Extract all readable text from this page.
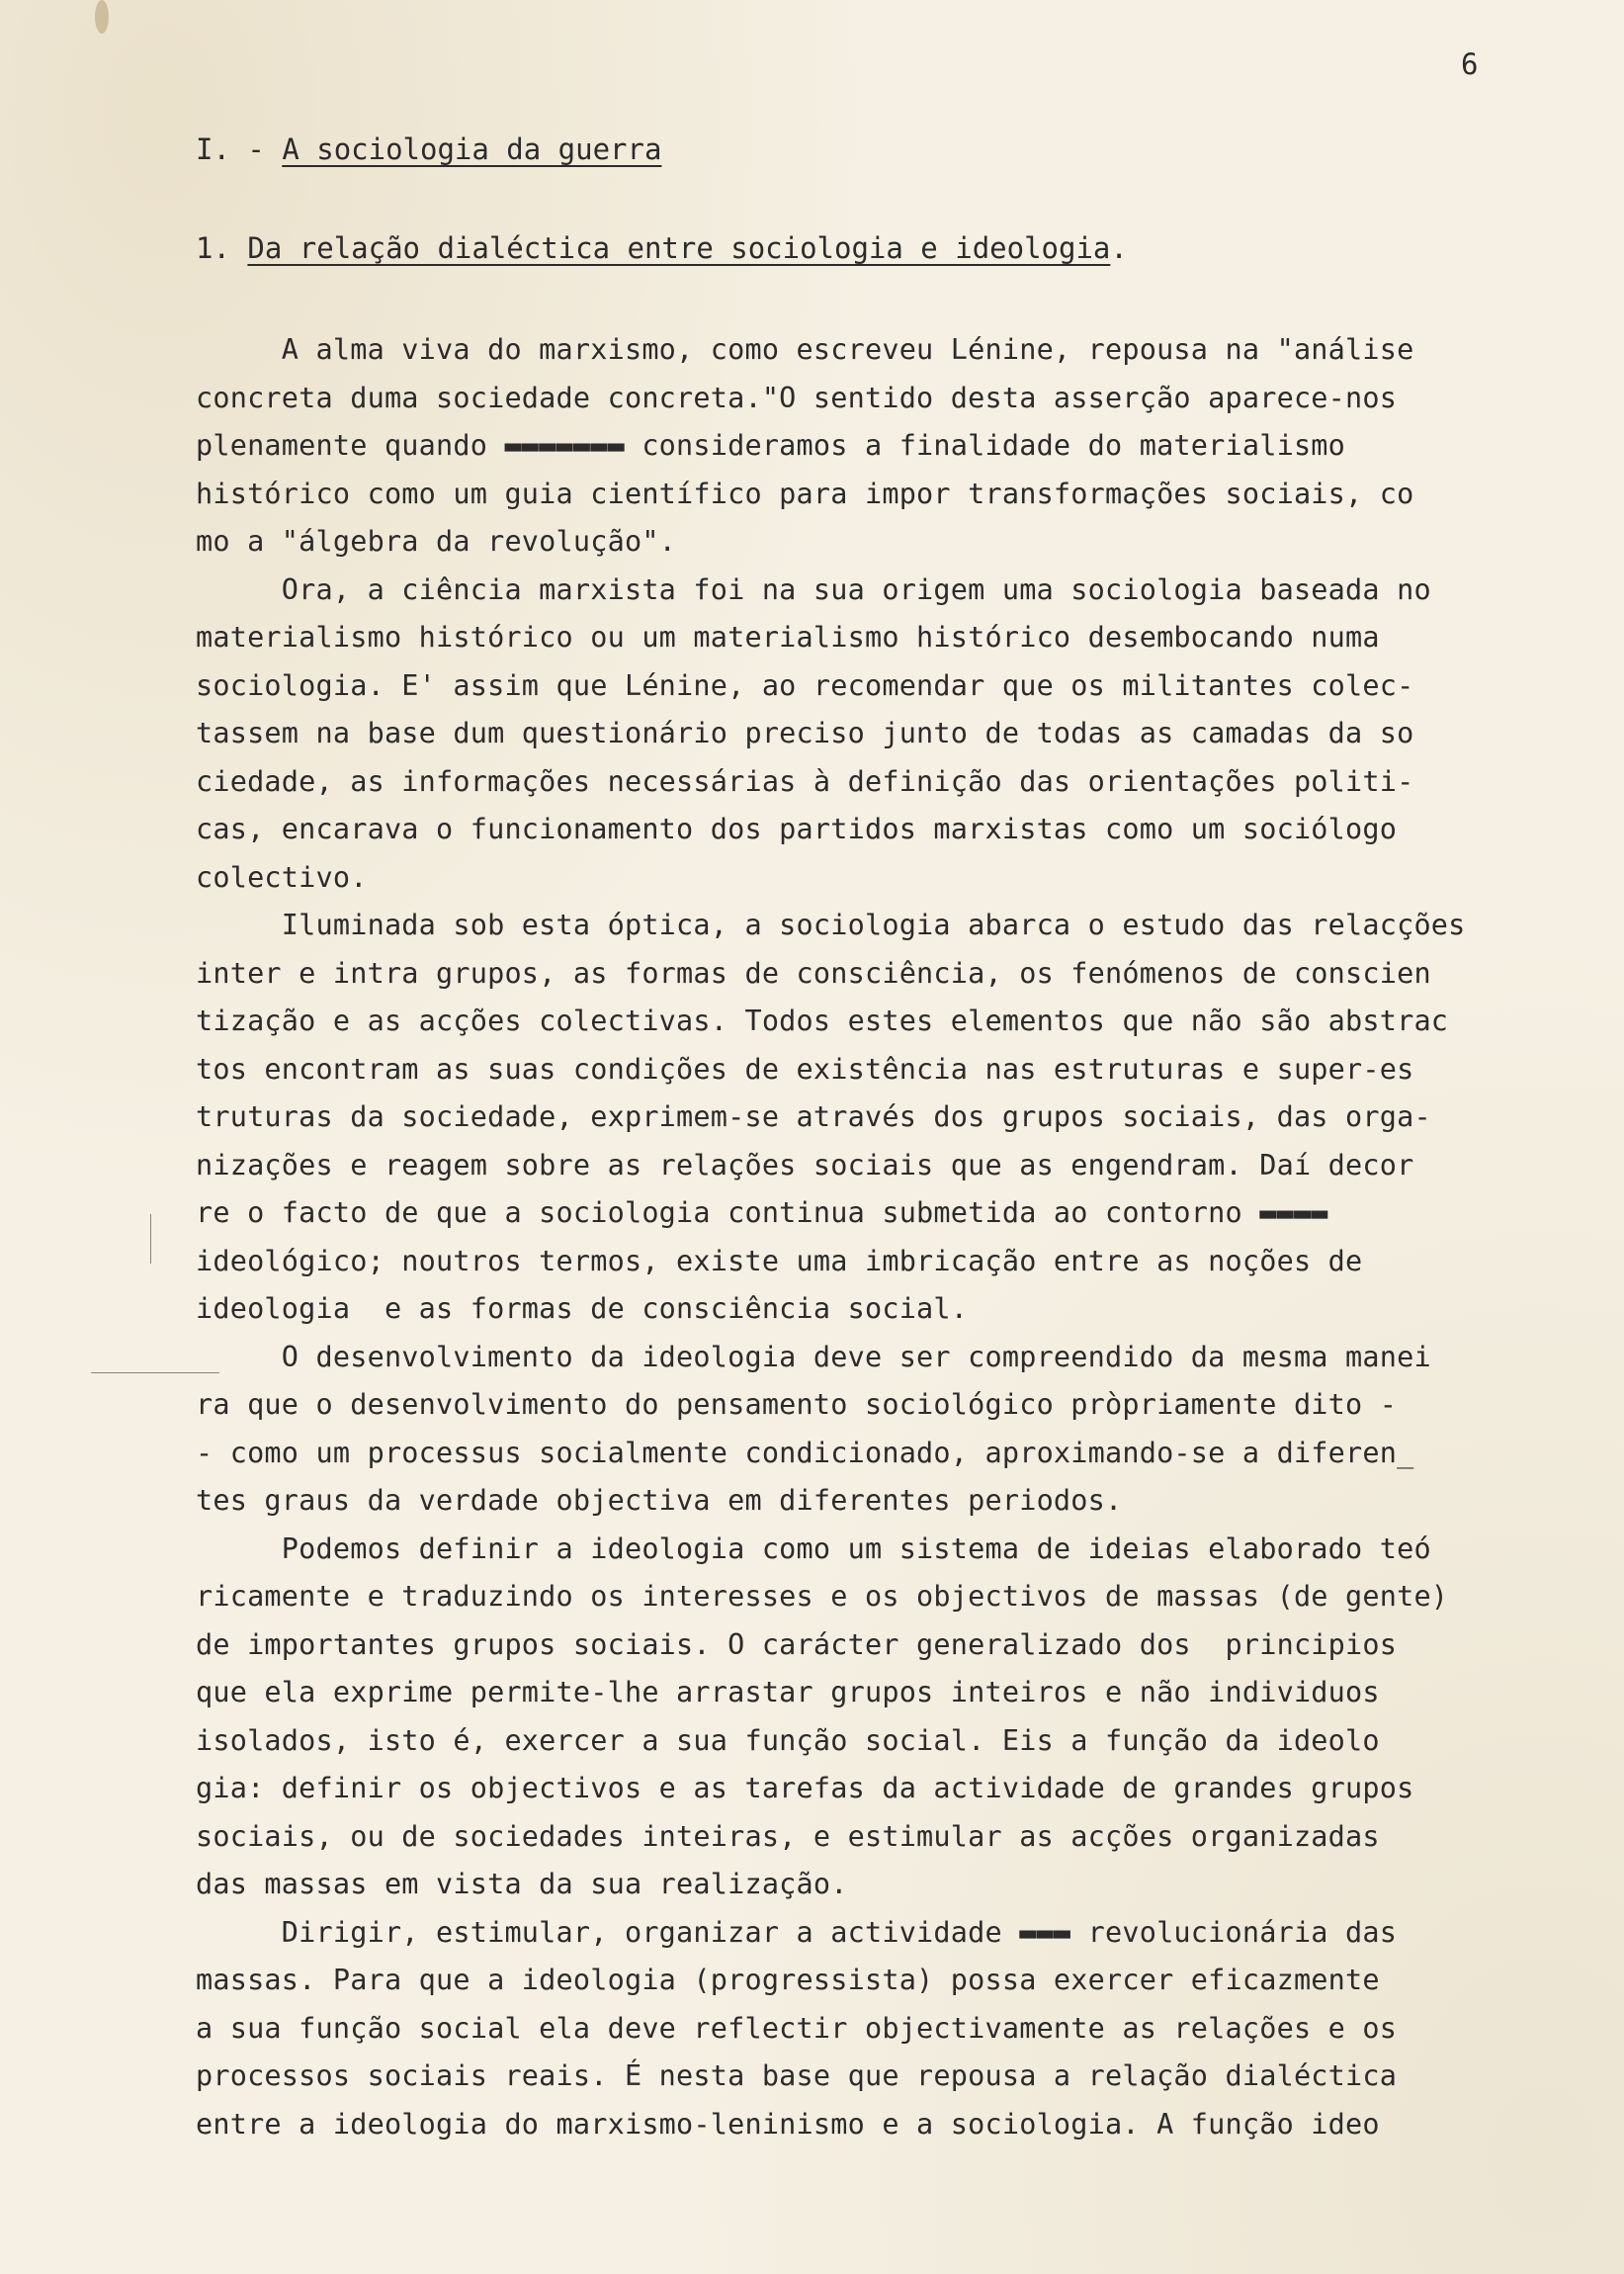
6
I. - A sociologia da guerra
1. Da relação dialéctica entre sociologia e ideologia.
A alma viva do marxismo, como escreveu Lénine, repousa na "análise
concreta duma sociedade concreta."O sentido desta asserção aparece-nos
plenamente quando ▬▬▬▬▬▬▬ consideramos a finalidade do materialismo
histórico como um guia científico para impor transformações sociais, co
mo a "álgebra da revolução".
Ora, a ciência marxista foi na sua origem uma sociologia baseada no
materialismo histórico ou um materialismo histórico desembocando numa
sociologia. E' assim que Lénine, ao recomendar que os militantes colec-
tassem na base dum questionário preciso junto de todas as camadas da so
ciedade, as informações necessárias à definição das orientações politi-
cas, encarava o funcionamento dos partidos marxistas como um sociólogo
colectivo.
Iluminada sob esta óptica, a sociologia abarca o estudo das relacções
inter e intra grupos, as formas de consciência, os fenómenos de conscien
tização e as acções colectivas. Todos estes elementos que não são abstrac
tos encontram as suas condições de existência nas estruturas e super-es
truturas da sociedade, exprimem-se através dos grupos sociais, das orga-
nizações e reagem sobre as relações sociais que as engendram. Daí decor
re o facto de que a sociologia continua submetida ao contorno ▬▬▬▬
ideológico; noutros termos, existe uma imbricação entre as noções de
ideologia  e as formas de consciência social.
O desenvolvimento da ideologia deve ser compreendido da mesma manei
ra que o desenvolvimento do pensamento sociológico pròpriamente dito -
- como um processus socialmente condicionado, aproximando-se a diferen_
tes graus da verdade objectiva em diferentes periodos.
Podemos definir a ideologia como um sistema de ideias elaborado teó
ricamente e traduzindo os interesses e os objectivos de massas (de gente)
de importantes grupos sociais. O carácter generalizado dos  principios
que ela exprime permite-lhe arrastar grupos inteiros e não individuos
isolados, isto é, exercer a sua função social. Eis a função da ideolo
gia: definir os objectivos e as tarefas da actividade de grandes grupos
sociais, ou de sociedades inteiras, e estimular as acções organizadas
das massas em vista da sua realização.
Dirigir, estimular, organizar a actividade ▬▬▬ revolucionária das
massas. Para que a ideologia (progressista) possa exercer eficazmente
a sua função social ela deve reflectir objectivamente as relações e os
processos sociais reais. É nesta base que repousa a relação dialéctica
entre a ideologia do marxismo-leninismo e a sociologia. A função ideo
